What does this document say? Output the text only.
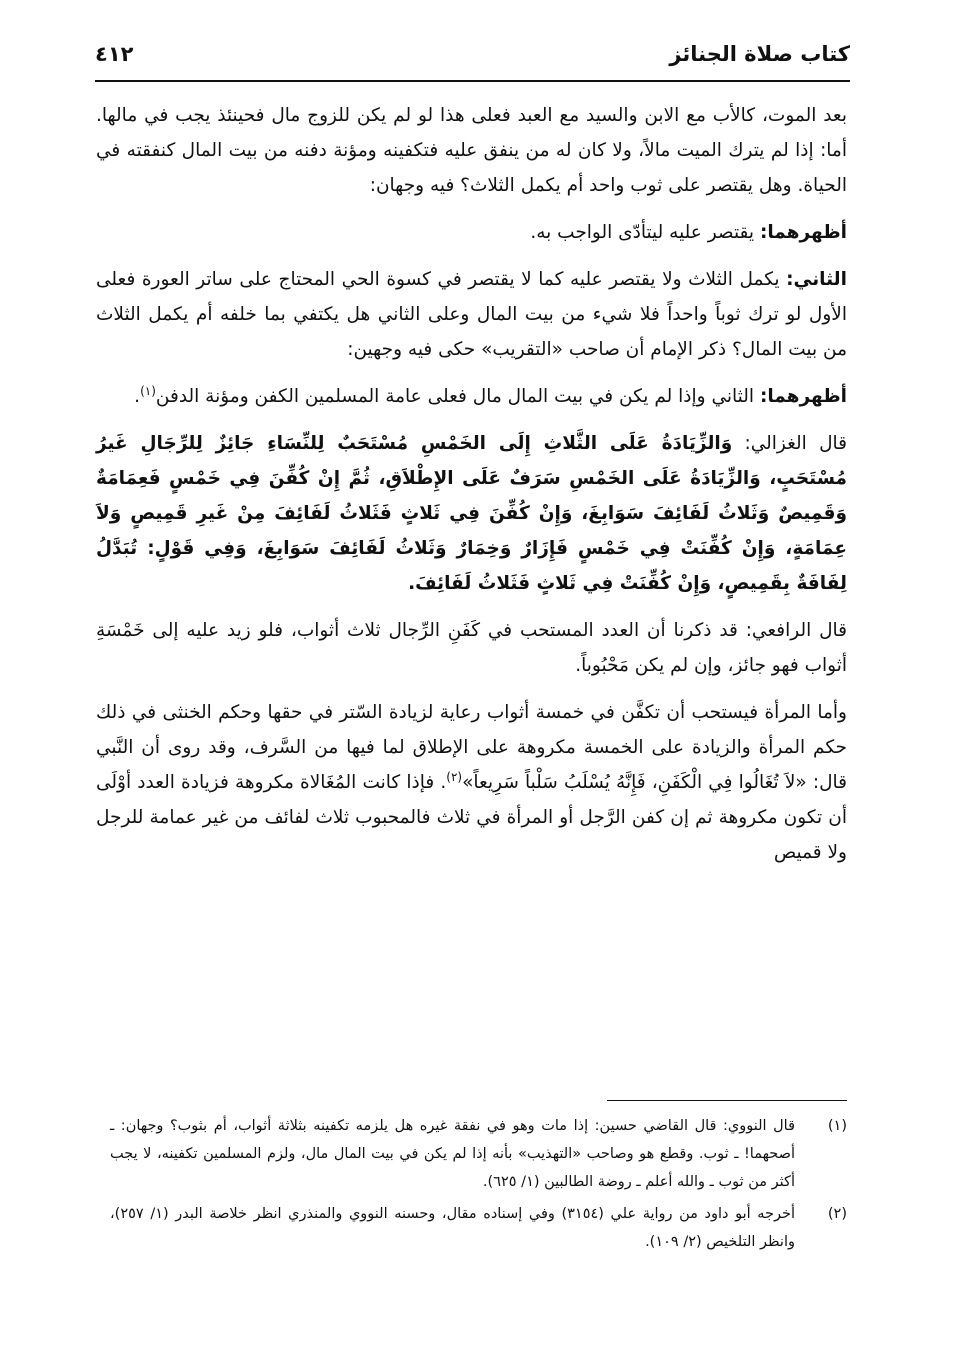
كتاب صلاة الجنائز
٤١٢

بعد الموت، كالأب مع الابن والسيد مع العبد فعلى هذا لو لم يكن للزوج مال فحينئذ يجب في مالها. أما: إذا لم يترك الميت مالاً، ولا كان له من ينفق عليه فتكفينه ومؤنة دفنه من بيت المال كنفقته في الحياة. وهل يقتصر على ثوب واحد أم يكمل الثلاث؟ فيه وجهان:

أظهرهما: يقتصر عليه ليتأدّى الواجب به.

الثاني: يكمل الثلاث ولا يقتصر عليه كما لا يقتصر في كسوة الحي المحتاج على ساتر العورة فعلى الأول لو ترك ثوباً واحداً فلا شيء من بيت المال وعلى الثاني هل يكتفي بما خلفه أم يكمل الثلاث من بيت المال؟ ذكر الإمام أن صاحب «التقريب» حكى فيه وجهين:

أظهرهما: الثاني وإذا لم يكن في بيت المال مال فعلى عامة المسلمين الكفن ومؤنة الدفن$^{(١)}$.

قال الغزالي: وَالزِّيَادَةُ عَلَى الثَّلاثِ إِلَى الخَمْسِ مُسْتَحَبٌ لِلنِّسَاءِ جَائِزٌ لِلرِّجَالِ غَيرُ مُسْتَحَبٍ، وَالزِّيَادَةُ عَلَى الخَمْسِ سَرَفٌ عَلَى الإِطْلاَقِ، ثُمَّ إِنْ كُفِّنَ فِي خَمْسٍ فَعِمَامَةٌ وَقَمِيصٌ وَثَلاثُ لَفَائِفَ سَوَابِغَ، وَإِنْ كُفِّنَ فِي ثَلاثٍ فَثَلاثُ لَفَائِفَ مِنْ غَيرِ قَمِيصٍ وَلاَ عِمَامَةٍ، وَإِنْ كُفِّنَتْ فِي خَمْسٍ فَإِزَارٌ وَخِمَارٌ وَثَلاثُ لَفَائِفَ سَوَابِغَ، وَفِي قَوْلٍ: تُبَدَّلُ لِفَافَةٌ بِقَمِيصٍ، وَإِنْ كُفِّنَتْ فِي ثَلاثٍ فَثَلاثُ لَفَائِفَ.

قال الرافعي: قد ذكرنا أن العدد المستحب في كَفَنِ الرِّجال ثلاث أثواب، فلو زيد عليه إلى خَمْسَةِ أثواب فهو جائز، وإن لم يكن مَحْبُوباً.

وأما المرأة فيستحب أن تكفَّن في خمسة أثواب رعاية لزيادة السّتر في حقها وحكم الخنثى في ذلك حكم المرأة والزيادة على الخمسة مكروهة على الإطلاق لما فيها من السَّرف، وقد روى أن النَّبي قال: «لاَ تُغَالُوا فِي الْكَفَنِ، فَإِنَّهُ يُسْلَبُ سَلْباً سَرِيعاً»$^{(٢)}$. فإذا كانت المُغَالاة مكروهة فزيادة العدد أوْلَى أن تكون مكروهة ثم إن كفن الرَّجل أو المرأة في ثلاث فالمحبوب ثلاث لفائف من غير عمامة للرجل ولا قميص

(١)
قال النووي: قال القاضي حسين: إذا مات وهو في نفقة غيره هل يلزمه تكفينه بثلاثة أثواب، أم بثوب؟ وجهان: ـ أصحهما! ـ ثوب. وقطع هو وصاحب «التهذيب» بأنه إذا لم يكن في بيت المال مال، ولزم المسلمين تكفينه، لا يجب أكثر من ثوب ـ والله أعلم ـ روضة الطالبين (١/ ٦٢٥).
(٢)
أخرجه أبو داود من رواية علي (٣١٥٤) وفي إسناده مقال، وحسنه النووي والمنذري انظر خلاصة البدر (١/ ٢٥٧)، وانظر التلخيص (٢/ ١٠٩).
